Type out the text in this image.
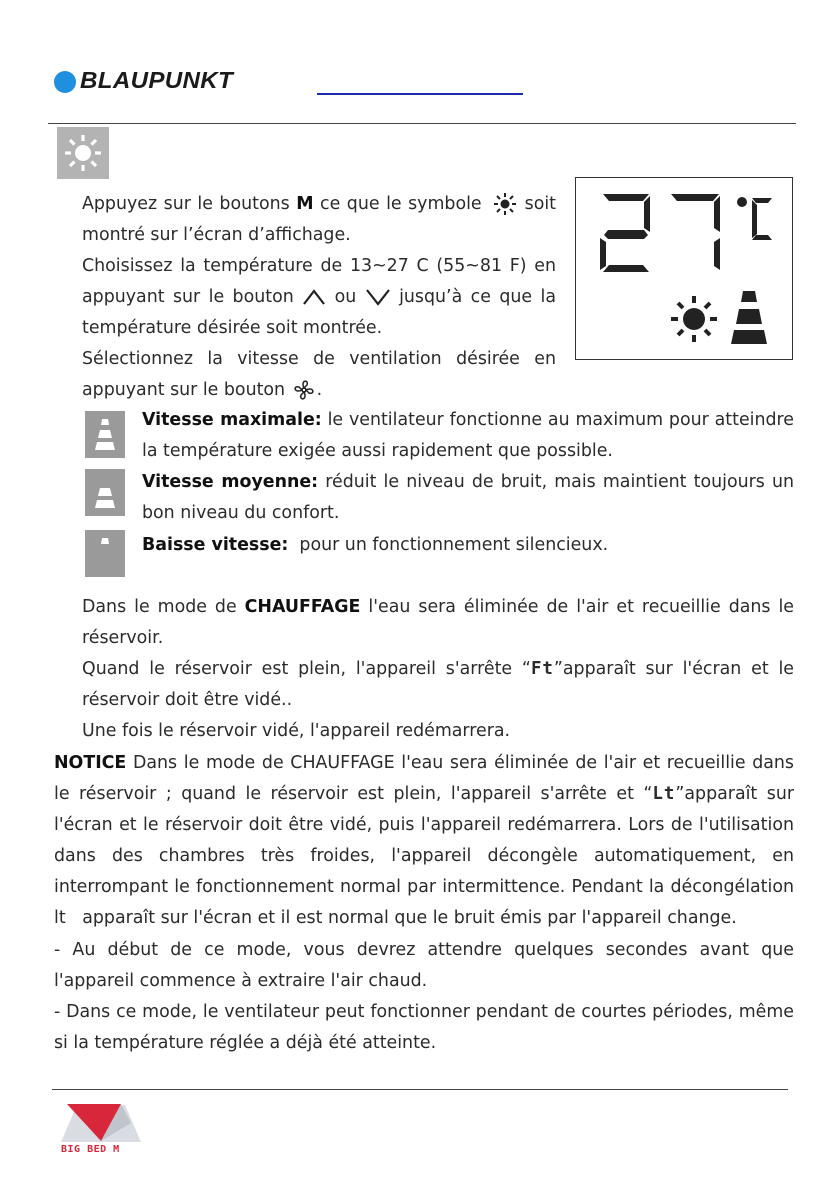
BLAUPUNKT
Appuyez sur le boutons M ce que le symbole  soit montré sur l’écran d’affichage.
Choisissez la température de 13~27 C (55~81 F) en appuyant sur le bouton  ou  jusqu’à ce que la température désirée soit montrée.
Sélectionnez la vitesse de ventilation désirée en appuyant sur le bouton .
Vitesse maximale: le ventilateur fonctionne au maximum pour atteindre la température exigée aussi rapidement que possible.
Vitesse moyenne: réduit le niveau de bruit, mais maintient toujours un bon niveau du confort.
Baisse vitesse:  pour un fonctionnement silencieux.
Dans le mode de CHAUFFAGE l'eau sera éliminée de l'air et recueillie dans le réservoir.
Quand le réservoir est plein, l'appareil s'arrête “Ft”apparaît sur l'écran et le réservoir doit être vidé..
Une fois le réservoir vidé, l'appareil redémarrera.
NOTICE Dans le mode de CHAUFFAGE l'eau sera éliminée de l'air et recueillie dans le réservoir ; quand le réservoir est plein, l'appareil s'arrête et “Lt”apparaît sur l'écran et le réservoir doit être vidé, puis l'appareil redémarrera. Lors de l'utilisation dans des chambres très froides, l'appareil décongèle automatiquement, en interrompant le fonctionnement normal par intermittence. Pendant la décongélation lt   apparaît sur l'écran et il est normal que le bruit émis par l'appareil change.
- Au début de ce mode, vous devrez attendre quelques secondes avant que l'appareil commence à extraire l'air chaud.
- Dans ce mode, le ventilateur peut fonctionner pendant de courtes périodes, même si la température réglée a déjà été atteinte.
BIG BED M
